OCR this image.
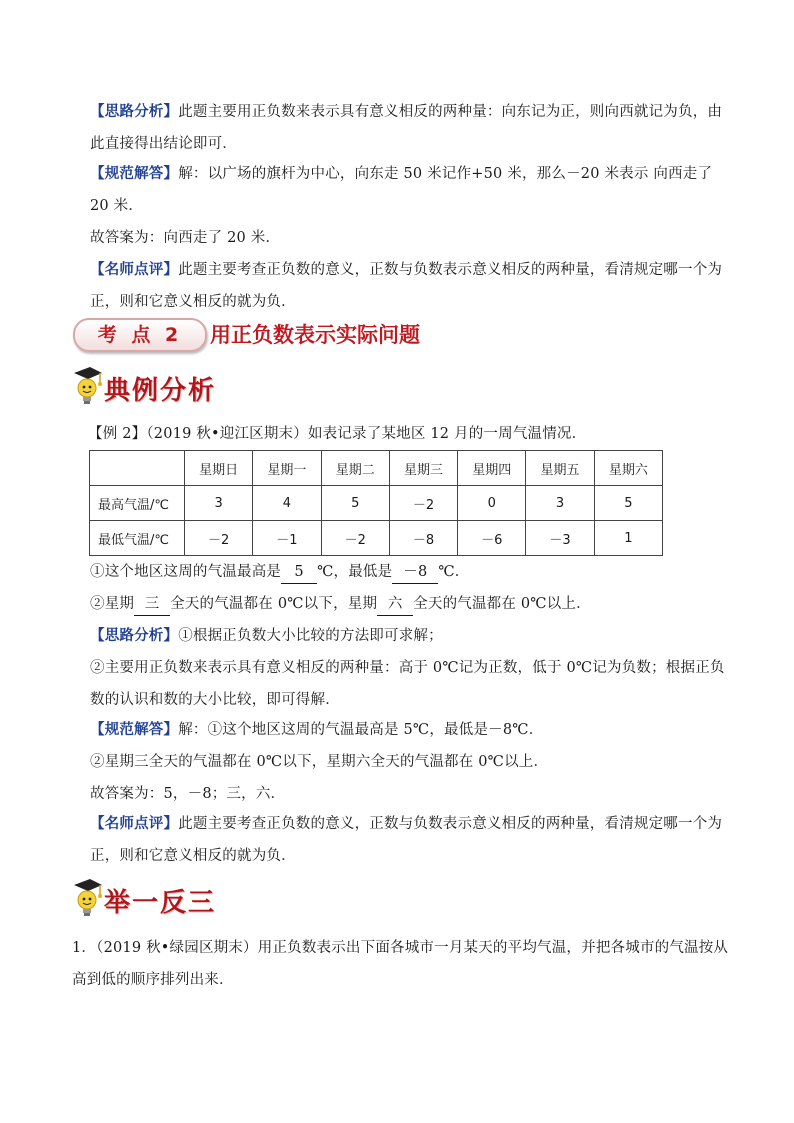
【思路分析】此题主要用正负数来表示具有意义相反的两种量：向东记为正，则向西就记为负，由此直接得出结论即可．
【规范解答】解：以广场的旗杆为中心，向东走 50 米记作+50 米，那么－20 米表示 向西走了 20 米．
故答案为：向西走了 20 米．
【名师点评】此题主要考查正负数的意义，正数与负数表示意义相反的两种量，看清规定哪一个为正，则和它意义相反的就为负．
考 点 2	用正负数表示实际问题
典例分析
【例 2】（2019 秋•迎江区期末）如表记录了某地区 12 月的一周气温情况．
	星期日	星期一	星期二	星期三	星期四	星期五	星期六
最高气温/℃	3	4	5	－2	0	3	5
最低气温/℃	－2	－1	－2	－8	－6	－3	1
①这个地区这周的气温最高是 5 ℃，最低是 －8 ℃．
②星期 三 全天的气温都在 0℃以下，星期 六 全天的气温都在 0℃以上．
【思路分析】①根据正负数大小比较的方法即可求解；
②主要用正负数来表示具有意义相反的两种量：高于 0℃记为正数，低于 0℃记为负数；根据正负数的认识和数的大小比较，即可得解．
【规范解答】解：①这个地区这周的气温最高是 5℃，最低是－8℃．
②星期三全天的气温都在 0℃以下，星期六全天的气温都在 0℃以上．
故答案为：5，－8；三，六．
【名师点评】此题主要考查正负数的意义，正数与负数表示意义相反的两种量，看清规定哪一个为正，则和它意义相反的就为负．
举一反三
1．（2019 秋•绿园区期末）用正负数表示出下面各城市一月某天的平均气温，并把各城市的气温按从高到低的顺序排列出来．
